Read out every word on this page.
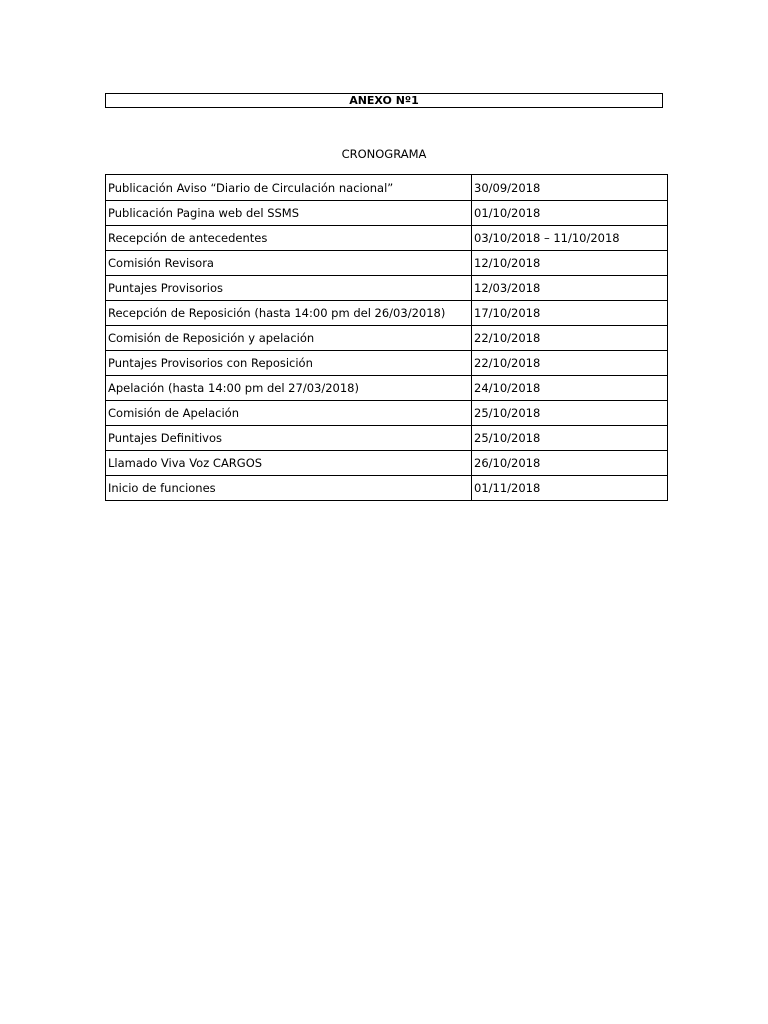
ANEXO Nº1
CRONOGRAMA
Publicación Aviso “Diario de Circulación nacional”	30/09/2018
Publicación Pagina web del SSMS	01/10/2018
Recepción de antecedentes	03/10/2018 – 11/10/2018
Comisión Revisora	12/10/2018
Puntajes Provisorios	12/03/2018
Recepción de Reposición (hasta 14:00 pm del 26/03/2018)	17/10/2018
Comisión de Reposición y apelación	22/10/2018
Puntajes Provisorios con Reposición	22/10/2018
Apelación (hasta 14:00 pm del 27/03/2018)	24/10/2018
Comisión de Apelación	25/10/2018
Puntajes Definitivos	25/10/2018
Llamado Viva Voz CARGOS	26/10/2018
Inicio de funciones	01/11/2018
